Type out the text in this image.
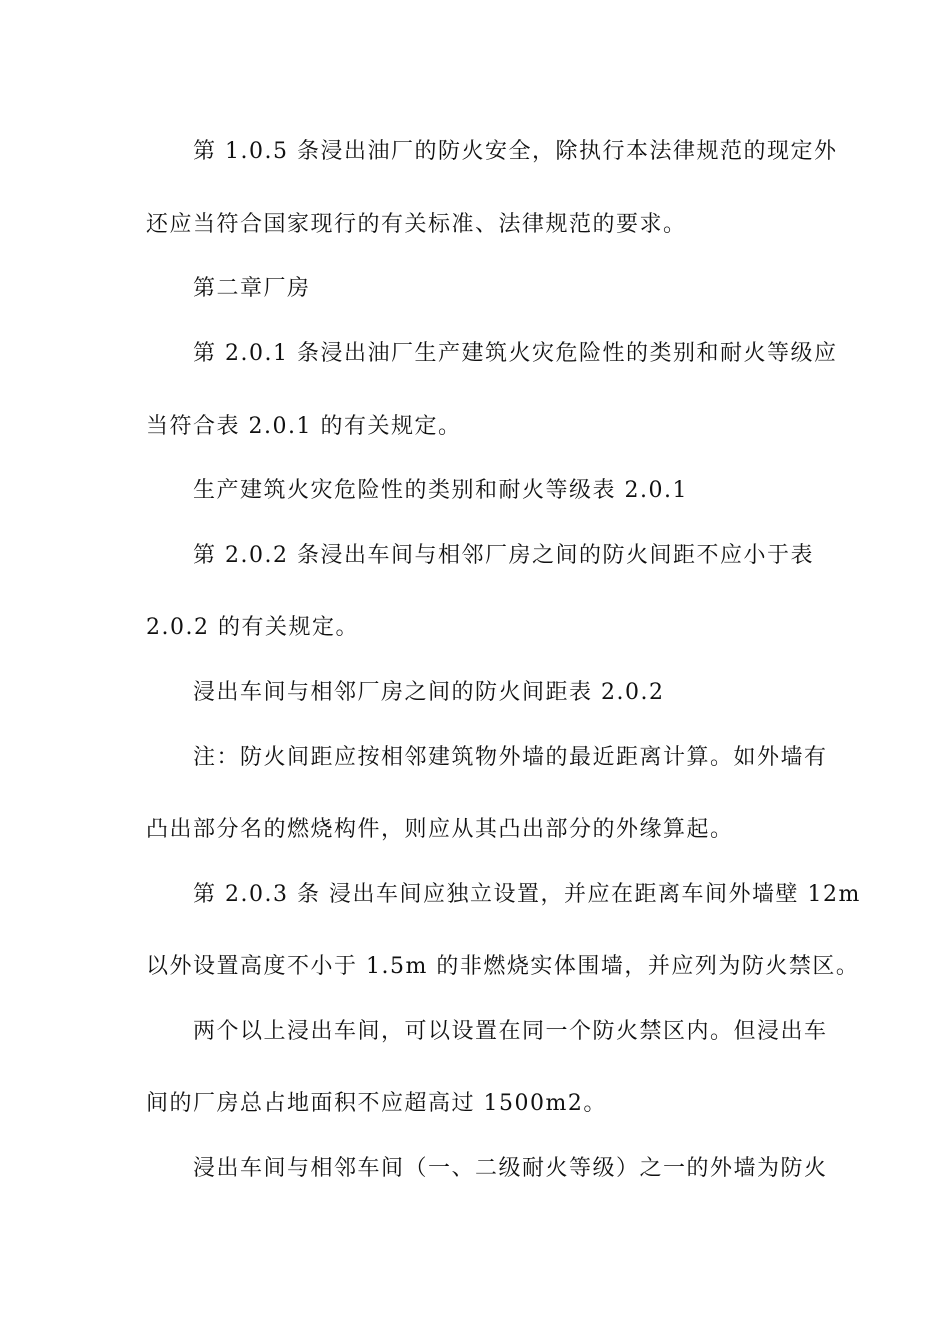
第 1.0.5 条浸出油厂的防火安全，除执行本法律规范的现定外
还应当符合国家现行的有关标准、法律规范的要求。
第二章厂房
第 2.0.1 条浸出油厂生产建筑火灾危险性的类别和耐火等级应
当符合表 2.0.1 的有关规定。
生产建筑火灾危险性的类别和耐火等级表 2.0.1
第 2.0.2 条浸出车间与相邻厂房之间的防火间距不应小于表
2.0.2 的有关规定。
浸出车间与相邻厂房之间的防火间距表 2.0.2
注：防火间距应按相邻建筑物外墙的最近距离计算。如外墙有
凸出部分名的燃烧构件，则应从其凸出部分的外缘算起。
第 2.0.3 条 浸出车间应独立设置，并应在距离车间外墙壁 12m
以外设置高度不小于 1.5m 的非燃烧实体围墙，并应列为防火禁区。
两个以上浸出车间，可以设置在同一个防火禁区内。但浸出车
间的厂房总占地面积不应超高过 1500m2。
浸出车间与相邻车间（一、二级耐火等级）之一的外墙为防火
